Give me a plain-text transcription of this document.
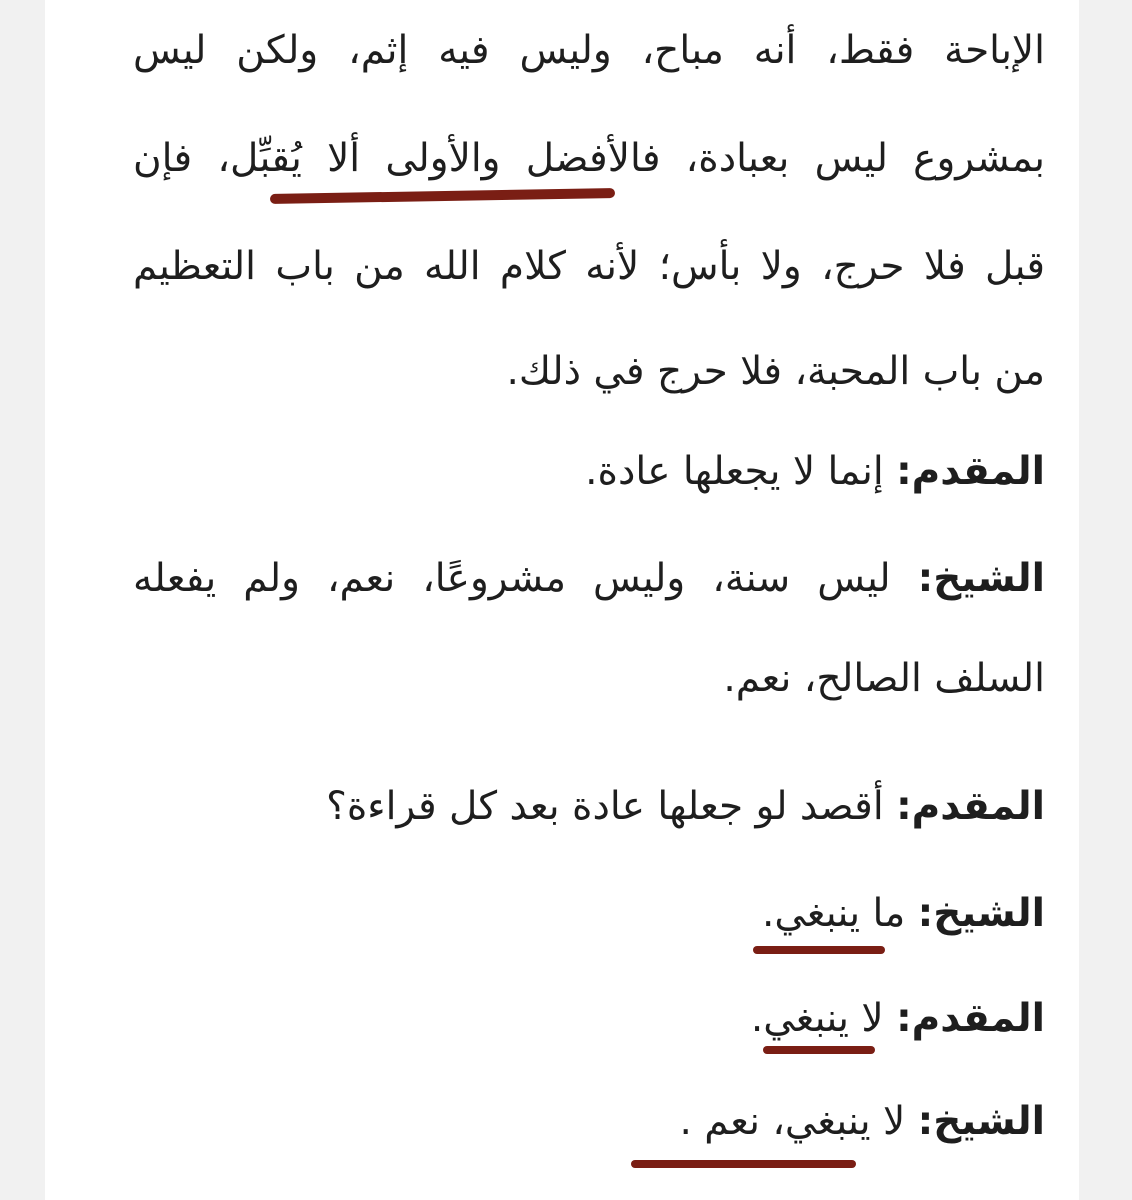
الإباحة فقط، أنه مباح، وليس فيه إثم، ولكن ليس
بمشروع ليس بعبادة، فالأفضل والأولى ألا يُقبِّل، فإن
قبل فلا حرج، ولا بأس؛ لأنه كلام الله من باب التعظيم
من باب المحبة، فلا حرج في ذلك.
المقدم: إنما لا يجعلها عادة.
الشيخ: ليس سنة، وليس مشروعًا، نعم، ولم يفعله
السلف الصالح، نعم.
المقدم: أقصد لو جعلها عادة بعد كل قراءة؟
الشيخ: ما ينبغي.
المقدم: لا ينبغي.
الشيخ: لا ينبغي، نعم .
